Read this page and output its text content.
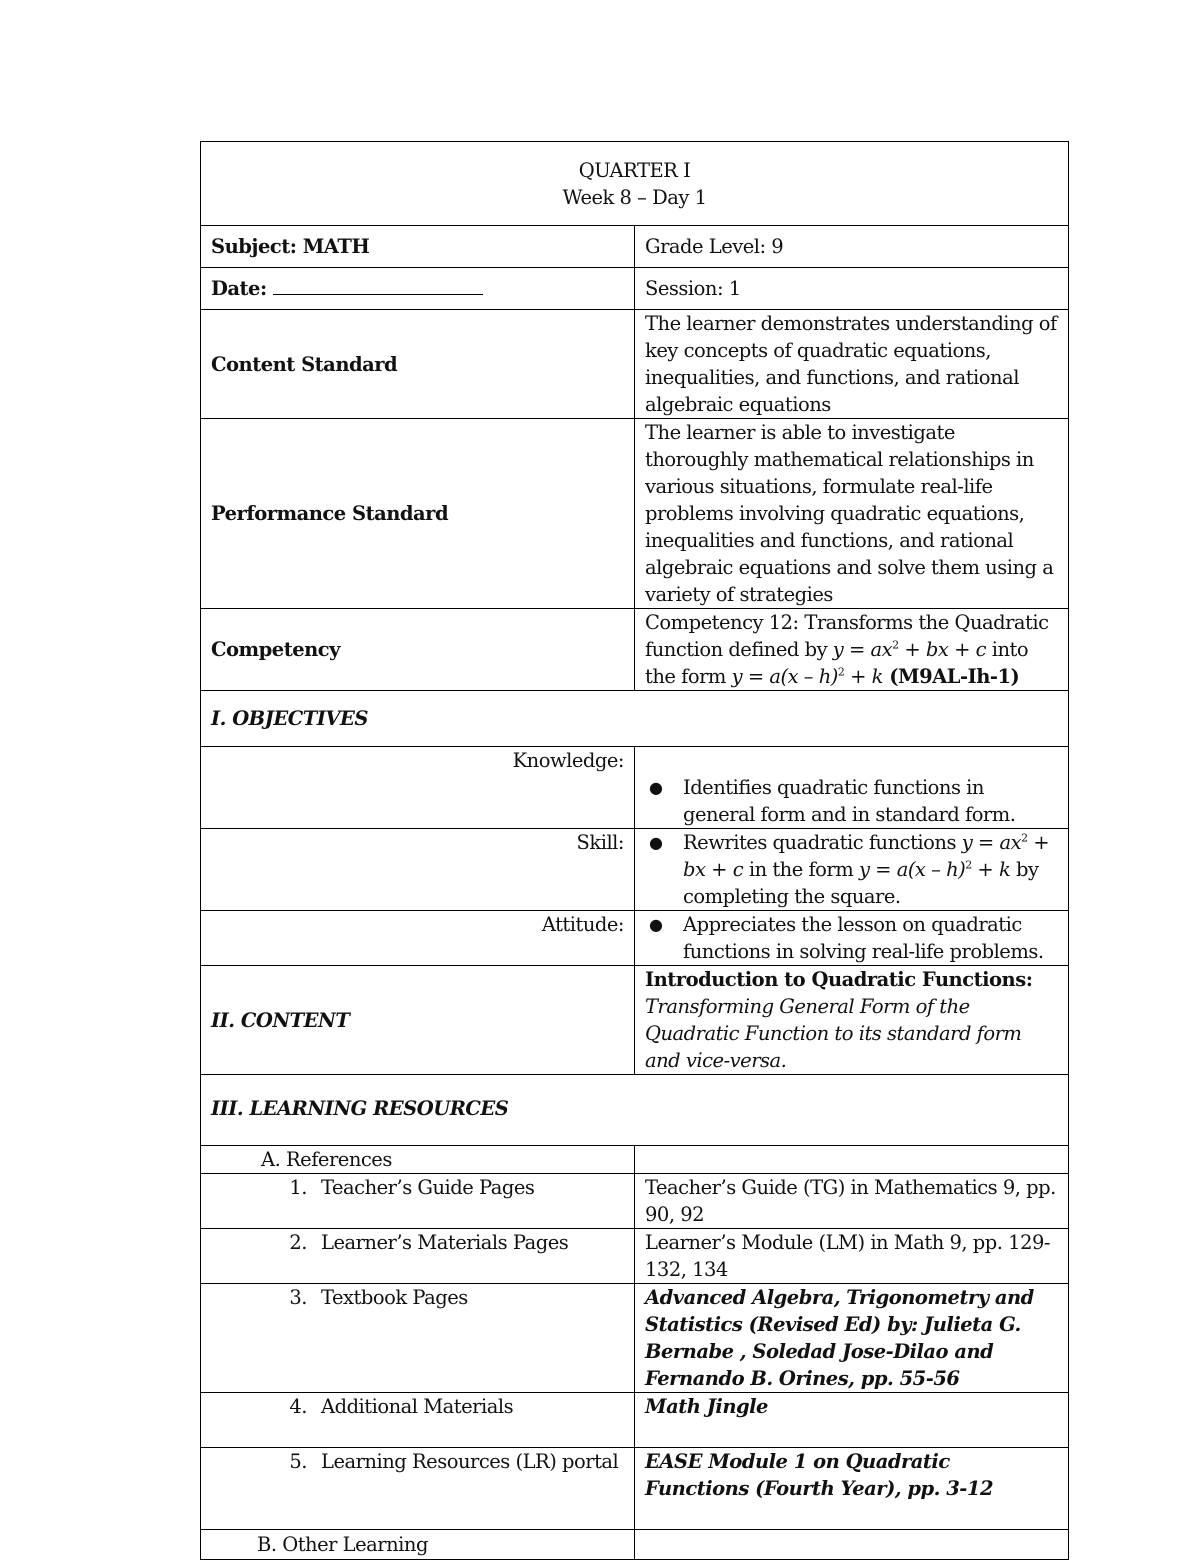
QUARTER I
Week 8 – Day 1	

Subject: MATH	Grade Level: 9
Date:	Session: 1
Content Standard	The learner demonstrates understanding of key concepts of quadratic equations, inequalities, and functions, and rational algebraic equations
Performance Standard	The learner is able to investigate thoroughly mathematical relationships in various situations, formulate real-life problems involving quadratic equations, inequalities and functions, and rational algebraic equations and solve them using a variety of strategies
Competency	Competency 12: Transforms the Quadratic function defined by $y = ax^2$ + bx + c into the form y = a(x – h)$^2$ + k (M9AL-Ih-1)
I. OBJECTIVES	
Knowledge:	● Identifies quadratic functions in general form and in standard form.

Skill:	● Rewrites quadratic functions $y = ax^2$ + bx + c in the form y = a(x – h)$^2$ + k by completing the square.

Attitude:	● Appreciates the lesson on quadratic functions in solving real-life problems.

II. CONTENT	Introduction to Quadratic Functions: Transforming General Form of the Quadratic Function to its standard form and vice-versa.
III. LEARNING RESOURCES	
A. References	

1. Teacher’s Guide Pages	Teacher’s Guide (TG) in Mathematics 9, pp. 90, 92

2. Learner’s Materials Pages	Learner’s Module (LM) in Math 9, pp. 129-132, 134

3. Textbook Pages	Advanced Algebra, Trigonometry and Statistics (Revised Ed) by: Julieta G. Bernabe , Soledad Jose-Dilao and Fernando B. Orines, pp. 55-56

4. Additional Materials	Math Jingle

5. Learning Resources (LR) portal	EASE Module 1 on Quadratic Functions (Fourth Year), pp. 3-12
B. Other Learning	
